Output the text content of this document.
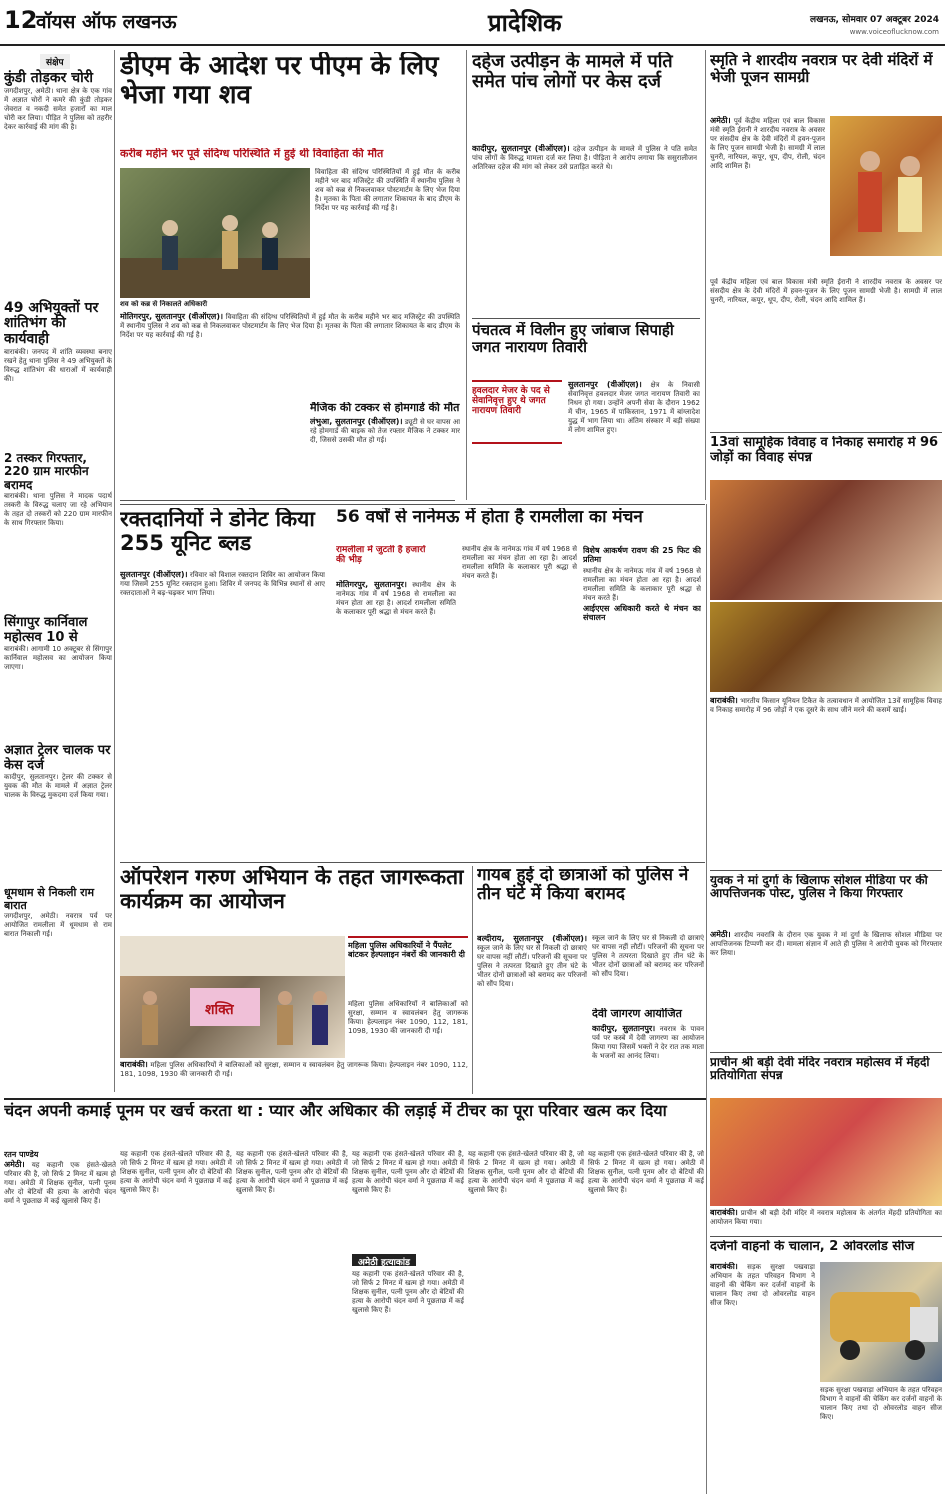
12
वॉयस ऑफ लखनऊ	प्रादेशिक	लखनऊ, सोमवार 07 अक्टूबर 2024
www.voiceoflucknow.com
संक्षेप
कुंडी तोड़कर चोरी
जगदीशपुर, अमेठी। थाना क्षेत्र के एक गांव में अज्ञात चोरों ने कमरे की कुंडी तोड़कर जेवरात व नकदी समेत हजारों का माल चोरी कर लिया। पीड़ित ने पुलिस को तहरीर देकर कार्रवाई की मांग की है।
49 अभियुक्तों पर शांतिभंग की कार्यवाही
बाराबंकी। जनपद में शांति व्यवस्था बनाए रखने हेतु थाना पुलिस ने 49 अभियुक्तों के विरुद्ध शांतिभंग की धाराओं में कार्यवाही की।
2 तस्कर गिरफ्तार, 220 ग्राम मारफीन बरामद
बाराबंकी। थाना पुलिस ने मादक पदार्थ तस्करी के विरुद्ध चलाए जा रहे अभियान के तहत दो तस्करों को 220 ग्राम मारफीन के साथ गिरफ्तार किया।
सिंगापुर कार्निवाल महोत्सव 10 से
बाराबंकी। आगामी 10 अक्टूबर से सिंगापुर कार्निवाल महोत्सव का आयोजन किया जाएगा।
अज्ञात ट्रेलर चालक पर केस दर्ज
कादीपुर, सुलतानपुर। ट्रेलर की टक्कर से युवक की मौत के मामले में अज्ञात ट्रेलर चालक के विरुद्ध मुकदमा दर्ज किया गया।
धूमधाम से निकली राम बारात
जगदीशपुर, अमेठी। नवरात्र पर्व पर आयोजित रामलीला में धूमधाम से राम बारात निकाली गई।
डीएम के आदेश पर पीएम के लिए भेजा गया शव
करीब महीने भर पूर्व संदिग्ध परिस्थिति में हुई थी विवाहिता की मौत
विवाहिता की संदिग्ध परिस्थितियों में हुई मौत के करीब महीने भर बाद मजिस्ट्रेट की उपस्थिति में स्थानीय पुलिस ने शव को कब्र से निकलवाकर पोस्टमार्टम के लिए भेज दिया है। मृतका के पिता की लगातार शिकायत के बाद डीएम के निर्देश पर यह कार्रवाई की गई है।
शव को कब्र से निकालते अधिकारी
मोतिगरपुर, सुलतानपुर (वीऑएल)। विवाहिता की संदिग्ध परिस्थितियों में हुई मौत के करीब महीने भर बाद मजिस्ट्रेट की उपस्थिति में स्थानीय पुलिस ने शव को कब्र से निकलवाकर पोस्टमार्टम के लिए भेज दिया है। मृतका के पिता की लगातार शिकायत के बाद डीएम के निर्देश पर यह कार्रवाई की गई है।
मैजिक की टक्कर से होमगार्ड की मौत
लंभुआ, सुलतानपुर (वीऑएल)। ड्यूटी से घर वापस आ रहे होमगार्ड की बाइक को तेज रफ्तार मैजिक ने टक्कर मार दी, जिससे उसकी मौत हो गई।
दहेज उत्पीड़न के मामले में पति समेत पांच लोगों पर केस दर्ज
कादीपुर, सुलतानपुर (वीऑएल)। दहेज उत्पीड़न के मामले में पुलिस ने पति समेत पांच लोगों के विरुद्ध मामला दर्ज कर लिया है। पीड़िता ने आरोप लगाया कि ससुरालीजन अतिरिक्त दहेज की मांग को लेकर उसे प्रताड़ित करते थे।
पंचतत्व में विलीन हुए जांबाज सिपाही जगत नारायण तिवारी
हवलदार मेजर के पद से सेवानिवृत्त हुए थे जगत नारायण तिवारी
सुलतानपुर (वीऑएल)। क्षेत्र के निवासी सेवानिवृत्त हवलदार मेजर जगत नारायण तिवारी का निधन हो गया। उन्होंने अपनी सेवा के दौरान 1962 में चीन, 1965 में पाकिस्तान, 1971 में बांग्लादेश युद्ध में भाग लिया था। अंतिम संस्कार में बड़ी संख्या में लोग शामिल हुए।
स्मृति ने शारदीय नवरात्र पर देवी मंदिरों में भेजी पूजन सामग्री
अमेठी। पूर्व केंद्रीय महिला एवं बाल विकास मंत्री स्मृति ईरानी ने शारदीय नवरात्र के अवसर पर संसदीय क्षेत्र के देवी मंदिरों में हवन-पूजन के लिए पूजन सामग्री भेजी है। सामग्री में लाल चुनरी, नारियल, कपूर, धूप, दीप, रोली, चंदन आदि शामिल हैं।
पूर्व केंद्रीय महिला एवं बाल विकास मंत्री स्मृति ईरानी ने शारदीय नवरात्र के अवसर पर संसदीय क्षेत्र के देवी मंदिरों में हवन-पूजन के लिए पूजन सामग्री भेजी है। सामग्री में लाल चुनरी, नारियल, कपूर, धूप, दीप, रोली, चंदन आदि शामिल हैं।
13वां सामूहिक विवाह व निकाह समारोह में 96 जोड़ों का विवाह संपन्न
बाराबंकी। भारतीय किसान यूनियन टिकैत के तत्वावधान में आयोजित 13वें सामूहिक विवाह व निकाह समारोह में 96 जोड़ों ने एक दूसरे के साथ जीने मरने की कसमें खाईं।
युवक ने मां दुर्गा के खिलाफ सोशल मीडिया पर की आपत्तिजनक पोस्ट, पुलिस ने किया गिरफ्तार
अमेठी। शारदीय नवरात्रि के दौरान एक युवक ने मां दुर्गा के खिलाफ सोशल मीडिया पर आपत्तिजनक टिप्पणी कर दी। मामला संज्ञान में आते ही पुलिस ने आरोपी युवक को गिरफ्तार कर लिया।
प्राचीन श्री बड़ी देवी मंदिर नवरात्र महोत्सव में मेंहदी प्रतियोगिता संपन्न
बाराबंकी। प्राचीन श्री बड़ी देवी मंदिर में नवरात्र महोत्सव के अंतर्गत मेंहदी प्रतियोगिता का आयोजन किया गया।
दर्जनों वाहनों के चालान, 2 ओवरलोड सीज
बाराबंकी। सड़क सुरक्षा पखवाड़ा अभियान के तहत परिवहन विभाग ने वाहनों की चेकिंग कर दर्जनों वाहनों के चालान किए तथा दो ओवरलोड वाहन सीज किए।
सड़क सुरक्षा पखवाड़ा अभियान के तहत परिवहन विभाग ने वाहनों की चेकिंग कर दर्जनों वाहनों के चालान किए तथा दो ओवरलोड वाहन सीज किए।
रक्तदानियों ने डोनेट किया 255 यूनिट ब्लड
सुलतानपुर (वीऑएल)। रविवार को विशाल रक्तदान शिविर का आयोजन किया गया जिसमें 255 यूनिट रक्तदान हुआ। शिविर में जनपद के विभिन्न स्थानों से आए रक्तदाताओं ने बढ़-चढ़कर भाग लिया।
56 वर्षों से नानेमऊ में होता है रामलीला का मंचन
रामलीला में जुटती है हजारों की भीड़
मोतिगरपुर, सुलतानपुर। स्थानीय क्षेत्र के नानेमऊ गांव में वर्ष 1968 से रामलीला का मंचन होता आ रहा है। आदर्श रामलीला समिति के कलाकार पूरी श्रद्धा से मंचन करते हैं।
स्थानीय क्षेत्र के नानेमऊ गांव में वर्ष 1968 से रामलीला का मंचन होता आ रहा है। आदर्श रामलीला समिति के कलाकार पूरी श्रद्धा से मंचन करते हैं।
विशेष आकर्षण रावण की 25 फिट की प्रतिमा
स्थानीय क्षेत्र के नानेमऊ गांव में वर्ष 1968 से रामलीला का मंचन होता आ रहा है। आदर्श रामलीला समिति के कलाकार पूरी श्रद्धा से मंचन करते हैं।
आईएएस अधिकारी करते थे मंचन का संचालन
ऑपरेशन गरुण अभियान के तहत जागरूकता कार्यक्रम का आयोजन
शक्ति
महिला पुलिस अधिकारियों ने पैंपलेट बांटकर हेल्पलाइन नंबरों की जानकारी दी
महिला पुलिस अधिकारियों ने बालिकाओं को सुरक्षा, सम्मान व स्वावलंबन हेतु जागरूक किया। हेल्पलाइन नंबर 1090, 112, 181, 1098, 1930 की जानकारी दी गई।
बाराबंकी। महिला पुलिस अधिकारियों ने बालिकाओं को सुरक्षा, सम्मान व स्वावलंबन हेतु जागरूक किया। हेल्पलाइन नंबर 1090, 112, 181, 1098, 1930 की जानकारी दी गई।
गायब हुई दो छात्राओं को पुलिस ने तीन घंटे में किया बरामद
बल्दीराय, सुलतानपुर (वीऑएल)। स्कूल जाने के लिए घर से निकली दो छात्राएं घर वापस नहीं लौटीं। परिजनों की सूचना पर पुलिस ने तत्परता दिखाते हुए तीन घंटे के भीतर दोनों छात्राओं को बरामद कर परिजनों को सौंप दिया।
स्कूल जाने के लिए घर से निकली दो छात्राएं घर वापस नहीं लौटीं। परिजनों की सूचना पर पुलिस ने तत्परता दिखाते हुए तीन घंटे के भीतर दोनों छात्राओं को बरामद कर परिजनों को सौंप दिया।
देवी जागरण आयोजित
कादीपुर, सुलतानपुर। नवरात्र के पावन पर्व पर कस्बे में देवी जागरण का आयोजन किया गया जिसमें भक्तों ने देर रात तक माता के भजनों का आनंद लिया।
चंदन अपनी कमाई पूनम पर खर्च करता था : प्यार और अधिकार की लड़ाई में टीचर का पूरा परिवार खत्म कर दिया
रतन पाण्डेय
अमेठी। यह कहानी एक हंसते-खेलते परिवार की है, जो सिर्फ 2 मिनट में खत्म हो गया। अमेठी में शिक्षक सुनील, पत्नी पूनम और दो बेटियों की हत्या के आरोपी चंदन वर्मा ने पूछताछ में कई खुलासे किए हैं।
यह कहानी एक हंसते-खेलते परिवार की है, जो सिर्फ 2 मिनट में खत्म हो गया। अमेठी में शिक्षक सुनील, पत्नी पूनम और दो बेटियों की हत्या के आरोपी चंदन वर्मा ने पूछताछ में कई खुलासे किए हैं।
यह कहानी एक हंसते-खेलते परिवार की है, जो सिर्फ 2 मिनट में खत्म हो गया। अमेठी में शिक्षक सुनील, पत्नी पूनम और दो बेटियों की हत्या के आरोपी चंदन वर्मा ने पूछताछ में कई खुलासे किए हैं।
अमेठी हत्याकांड
यह कहानी एक हंसते-खेलते परिवार की है, जो सिर्फ 2 मिनट में खत्म हो गया। अमेठी में शिक्षक सुनील, पत्नी पूनम और दो बेटियों की हत्या के आरोपी चंदन वर्मा ने पूछताछ में कई खुलासे किए हैं।
यह कहानी एक हंसते-खेलते परिवार की है, जो सिर्फ 2 मिनट में खत्म हो गया। अमेठी में शिक्षक सुनील, पत्नी पूनम और दो बेटियों की हत्या के आरोपी चंदन वर्मा ने पूछताछ में कई खुलासे किए हैं।
यह कहानी एक हंसते-खेलते परिवार की है, जो सिर्फ 2 मिनट में खत्म हो गया। अमेठी में शिक्षक सुनील, पत्नी पूनम और दो बेटियों की हत्या के आरोपी चंदन वर्मा ने पूछताछ में कई खुलासे किए हैं।
यह कहानी एक हंसते-खेलते परिवार की है, जो सिर्फ 2 मिनट में खत्म हो गया। अमेठी में शिक्षक सुनील, पत्नी पूनम और दो बेटियों की हत्या के आरोपी चंदन वर्मा ने पूछताछ में कई खुलासे किए हैं।
